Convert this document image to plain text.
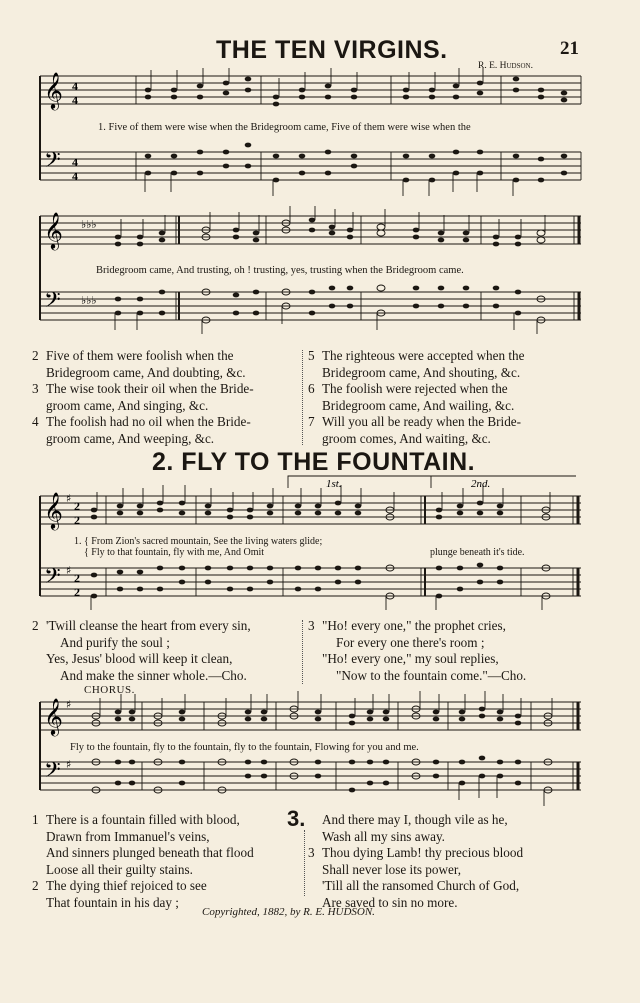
THE TEN VIRGINS.	21
R. E. Hudson.
𝄞
𝄢
4
4
4
4
1. Five of them were wise when the Bridegroom came, Five of them were wise when the
𝄞
𝄢
♭♭♭
♭♭♭
Bridegroom came, And trusting, oh ! trusting, yes, trusting when the Bridegroom came.
2 Five of them were foolish when the
Bridegroom came, And doubting, &c.
3 The wise took their oil when the Bride-
groom came, And singing, &c.
4 The foolish had no oil when the Bride-
groom came, And weeping, &c.
5 The righteous were accepted when the
Bridegroom came, And shouting, &c.
6 The foolish were rejected when the
Bridegroom came, And wailing, &c.
7 Will you all be ready when the Bride-
groom comes, And waiting, &c.
2. FLY TO THE FOUNTAIN.
𝄞
𝄢
♯
♯
2
2
2
2
1st.	2nd.
1. { From Zion's sacred mountain, See the living waters glide;
{ Fly to that fountain, fly with me, And Omit	plunge beneath it's tide.
2 'Twill cleanse the heart from every sin,
And purify the soul ;
Yes, Jesus' blood will keep it clean,
And make the sinner whole.—Cho.
3 "Ho! every one," the prophet cries,
For every one there's room ;
"Ho! every one," my soul replies,
"Now to the fountain come."—Cho.
CHORUS.
𝄞
𝄢
♯
♯
Fly to the fountain, fly to the fountain, fly to the fountain, Flowing for you and me.
1 There is a fountain filled with blood,
Drawn from Immanuel's veins,
And sinners plunged beneath that flood
Loose all their guilty stains.
2 The dying thief rejoiced to see
That fountain in his day ;
3.	And there may I, though vile as he,
Wash all my sins away.
3 Thou dying Lamb! thy precious blood
Shall never lose its power,
'Till all the ransomed Church of God,
Are saved to sin no more.
Copyrighted, 1882, by R. E. HUDSON.
